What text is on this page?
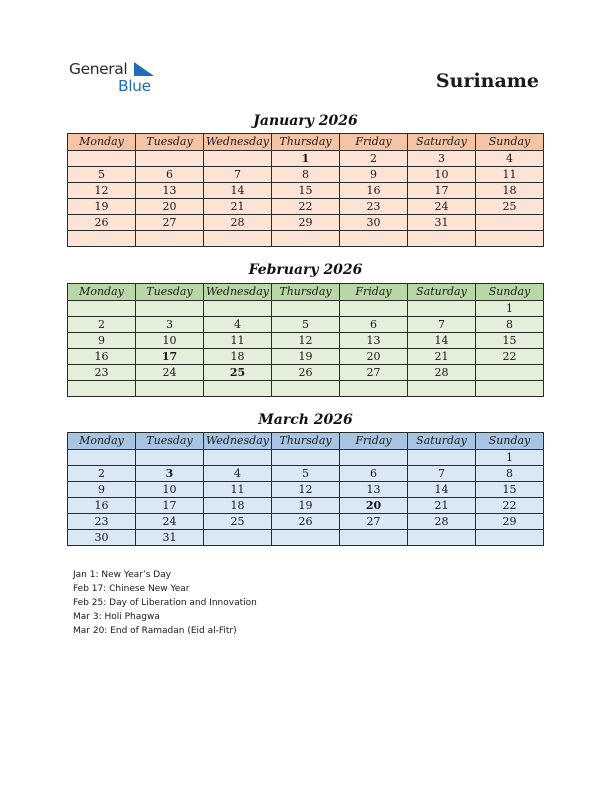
General
Blue	Suriname
January 2026
Monday	Tuesday	Wednesday	Thursday	Friday	Saturday	Sunday
			1	2	3	4
5	6	7	8	9	10	11
12	13	14	15	16	17	18
19	20	21	22	23	24	25
26	27	28	29	30	31	

February 2026
Monday	Tuesday	Wednesday	Thursday	Friday	Saturday	Sunday
						1
2	3	4	5	6	7	8
9	10	11	12	13	14	15
16	17	18	19	20	21	22
23	24	25	26	27	28	

March 2026
Monday	Tuesday	Wednesday	Thursday	Friday	Saturday	Sunday
						1
2	3	4	5	6	7	8
9	10	11	12	13	14	15
16	17	18	19	20	21	22
23	24	25	26	27	28	29
30	31					
Jan 1: New Year’s Day
Feb 17: Chinese New Year
Feb 25: Day of Liberation and Innovation
Mar 3: Holi Phagwa
Mar 20: End of Ramadan (Eid al-Fitr)
